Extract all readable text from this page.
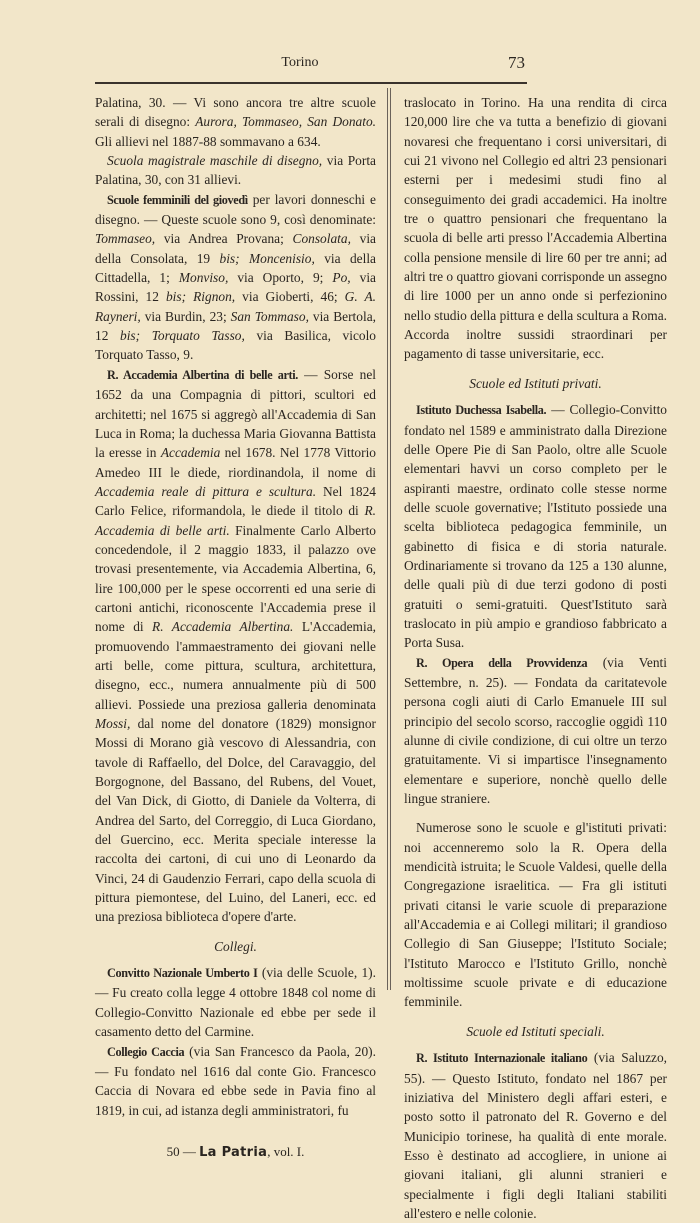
Torino	73

Palatina, 30. — Vi sono ancora tre altre scuole serali di disegno: Aurora, Tommaseo, San Donato. Gli allievi nel 1887-88 sommavano a 634.

Scuola magistrale maschile di disegno, via Porta Palatina, 30, con 31 allievi.

Scuole femminili del giovedì per lavori donneschi e disegno. — Queste scuole sono 9, così denominate: Tommaseo, via Andrea Provana; Consolata, via della Consolata, 19 bis; Moncenisio, via della Cittadella, 1; Monviso, via Oporto, 9; Po, via Rossini, 12 bis; Rignon, via Gioberti, 46; G. A. Rayneri, via Burdin, 23; San Tommaso, via Bertola, 12 bis; Torquato Tasso, via Basilica, vicolo Torquato Tasso, 9.

R. Accademia Albertina di belle arti. — Sorse nel 1652 da una Compagnia di pittori, scultori ed architetti; nel 1675 si aggregò all'Accademia di San Luca in Roma; la duchessa Maria Giovanna Battista la eresse in Accademia nel 1678. Nel 1778 Vittorio Amedeo III le diede, riordinandola, il nome di Accademia reale di pittura e scultura. Nel 1824 Carlo Felice, riformandola, le diede il titolo di R. Accademia di belle arti. Finalmente Carlo Alberto concedendole, il 2 maggio 1833, il palazzo ove trovasi presentemente, via Accademia Albertina, 6, lire 100,000 per le spese occorrenti ed una serie di cartoni antichi, riconoscente l'Accademia prese il nome di R. Accademia Albertina. L'Accademia, promuovendo l'ammaestramento dei giovani nelle arti belle, come pittura, scultura, architettura, disegno, ecc., numera annualmente più di 500 allievi. Possiede una preziosa galleria denominata Mossi, dal nome del donatore (1829) monsignor Mossi di Morano già vescovo di Alessandria, con tavole di Raffaello, del Dolce, del Caravaggio, del Borgognone, del Bassano, del Rubens, del Vouet, del Van Dick, di Giotto, di Daniele da Volterra, di Andrea del Sarto, del Correggio, di Luca Giordano, del Guercino, ecc. Merita speciale interesse la raccolta dei cartoni, di cui uno di Leonardo da Vinci, 24 di Gaudenzio Ferrari, capo della scuola di pittura piemontese, del Luino, del Laneri, ecc. ed una preziosa biblioteca d'opere d'arte.

Collegi.

Convitto Nazionale Umberto I (via delle Scuole, 1). — Fu creato colla legge 4 ottobre 1848 col nome di Collegio-Convitto Nazionale ed ebbe per sede il casamento detto del Carmine.

Collegio Caccia (via San Francesco da Paola, 20). — Fu fondato nel 1616 dal conte Gio. Francesco Caccia di Novara ed ebbe sede in Pavia fino al 1819, in cui, ad istanza degli amministratori, fu

50 — La Patria, vol. I.

traslocato in Torino. Ha una rendita di circa 120,000 lire che va tutta a benefizio di giovani novaresi che frequentano i corsi universitari, di cui 21 vivono nel Collegio ed altri 23 pensionari esterni per i medesimi studi fino al conseguimento dei gradi accademici. Ha inoltre tre o quattro pensionari che frequentano la scuola di belle arti presso l'Accademia Albertina colla pensione mensile di lire 60 per tre anni; ad altri tre o quattro giovani corrisponde un assegno di lire 1000 per un anno onde si perfezionino nello studio della pittura e della scultura a Roma. Accorda inoltre sussidi straordinari per pagamento di tasse universitarie, ecc.

Scuole ed Istituti privati.

Istituto Duchessa Isabella. — Collegio-Convitto fondato nel 1589 e amministrato dalla Direzione delle Opere Pie di San Paolo, oltre alle Scuole elementari havvi un corso completo per le aspiranti maestre, ordinato colle stesse norme delle scuole governative; l'Istituto possiede una scelta biblioteca pedagogica femminile, un gabinetto di fisica e di storia naturale. Ordinariamente si trovano da 125 a 130 alunne, delle quali più di due terzi godono di posti gratuiti o semi-gratuiti. Quest'Istituto sarà traslocato in più ampio e grandioso fabbricato a Porta Susa.

R. Opera della Provvidenza (via Venti Settembre, n. 25). — Fondata da caritatevole persona cogli aiuti di Carlo Emanuele III sul principio del secolo scorso, raccoglie oggidì 110 alunne di civile condizione, di cui oltre un terzo gratuitamente. Vi si impartisce l'insegnamento elementare e superiore, nonchè quello delle lingue straniere.

Numerose sono le scuole e gl'istituti privati: noi accenneremo solo la R. Opera della mendicità istruita; le Scuole Valdesi, quelle della Congregazione israelitica. — Fra gli istituti privati citansi le varie scuole di preparazione all'Accademia e ai Collegi militari; il grandioso Collegio di San Giuseppe; l'Istituto Sociale; l'Istituto Marocco e l'Istituto Grillo, nonchè moltissime scuole private e di educazione femminile.

Scuole ed Istituti speciali.

R. Istituto Internazionale italiano (via Saluzzo, 55). — Questo Istituto, fondato nel 1867 per iniziativa del Ministero degli affari esteri, e posto sotto il patronato del R. Governo e del Municipio torinese, ha qualità di ente morale. Esso è destinato ad accogliere, in unione ai giovani italiani, gli alunni stranieri e specialmente i figli degli Italiani stabiliti all'estero e nelle colonie.
